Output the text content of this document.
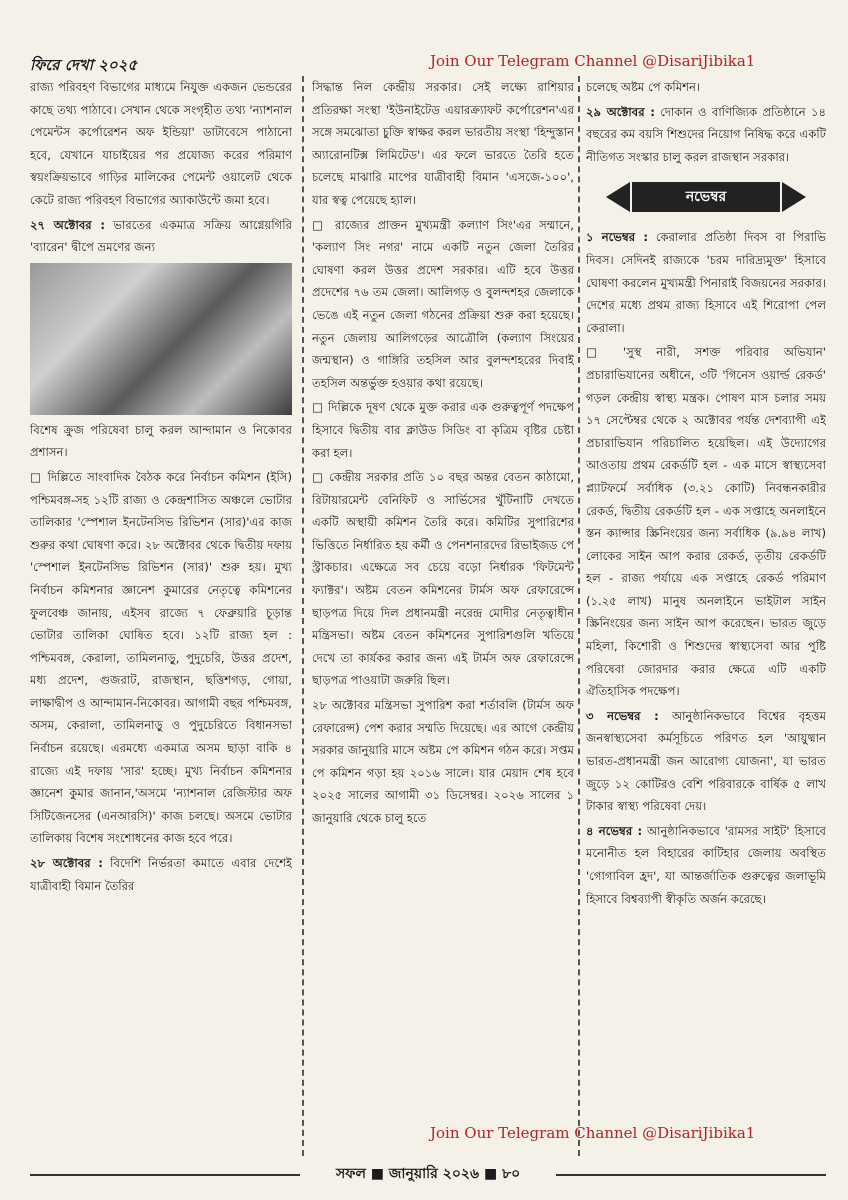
ফিরে দেখা ২০২৫	Join Our Telegram Channel @DisariJibika1

রাজ্য পরিবহণ বিভাগের মাধ্যমে নিযুক্ত একজন ভেন্ডরের কাছে তথ্য পাঠাবে। সেখান থেকে সংগৃহীত তথ্য 'ন্যাশনাল পেমেন্টস কর্পোরেশন অফ ইন্ডিয়া' ডাটাবেসে পাঠানো হবে, যেখানে যাচাইয়ের পর প্রযোজ্য করের পরিমাণ স্বয়ংক্রিয়ভাবে গাড়ির মালিকের পেমেন্ট ওয়ালেট থেকে কেটে রাজ্য পরিবহণ বিভাগের অ্যাকাউন্টে জমা হবে।

২৭ অক্টোবর : ভারতের একমাত্র সক্রিয় আগ্নেয়গিরি 'ব্যারেন' দ্বীপে ভ্রমণের জন্য

বিশেষ ক্রুজ পরিষেবা চালু করল আন্দামান ও নিকোবর প্রশাসন।

□ দিল্লিতে সাংবাদিক বৈঠক করে নির্বাচন কমিশন (ইসি) পশ্চিমবঙ্গ-সহ ১২টি রাজ্য ও কেন্দ্রশাসিত অঞ্চলে ভোটার তালিকার 'স্পেশাল ইনটেনসিভ রিভিশন (সার)'এর কাজ শুরুর কথা ঘোষণা করে। ২৮ অক্টোবর থেকে দ্বিতীয় দফায় 'স্পেশাল ইনটেনসিভ রিভিশন (সার)' শুরু হয়। মুখ্য নির্বাচন কমিশনার জ্ঞানেশ কুমারের নেতৃত্বে কমিশনের ফুলবেঞ্চ জানায়, এইসব রাজ্যে ৭ ফেব্রুয়ারি চূড়ান্ত ভোটার তালিকা ঘোষিত হবে। ১২টি রাজ্য হল : পশ্চিমবঙ্গ, কেরালা, তামিলনাড়ু, পুদুচেরি, উত্তর প্রদেশ, মধ্য প্রদেশ, গুজরাট, রাজস্থান, ছত্তিশগড়, গোয়া, লাক্ষাদ্বীপ ও আন্দামান-নিকোবর। আগামী বছর পশ্চিমবঙ্গ, অসম, কেরালা, তামিলনাড়ু ও পুদুচেরিতে বিধানসভা নির্বাচন রয়েছে। এরমধ্যে একমাত্র অসম ছাড়া বাকি ৪ রাজ্যে এই দফায় 'সার' হচ্ছে। মুখ্য নির্বাচন কমিশনার জ্ঞানেশ কুমার জানান,'অসমে 'ন্যাশনাল রেজিস্টার অফ সিটিজেনসের (এনআরসি)' কাজ চলছে। অসমে ভোটার তালিকায় বিশেষ সংশোধনের কাজ হবে পরে।

২৮ অক্টোবর : বিদেশি নির্ভরতা কমাতে এবার দেশেই যাত্রীবাহী বিমান তৈরির

সিদ্ধান্ত নিল কেন্দ্রীয় সরকার। সেই লক্ষ্যে রাশিয়ার প্রতিরক্ষা সংস্থা 'ইউনাইটেড এয়ারক্র্যাফট কর্পোরেশন'এর সঙ্গে সমঝোতা চুক্তি স্বাক্ষর করল ভারতীয় সংস্থা 'হিন্দুস্তান অ্যারোনটিক্স লিমিটেড'। এর ফলে ভারতে তৈরি হতে চলেছে মাঝারি মাপের যাত্রীবাহী বিমান 'এসজে-১০০', যার স্বত্ব পেয়েছে হ্যাল।

□ রাজ্যের প্রাক্তন মুখ্যমন্ত্রী কল্যাণ সিং'এর সম্মানে, 'কল্যাণ সিং নগর' নামে একটি নতুন জেলা তৈরির ঘোষণা করল উত্তর প্রদেশ সরকার। এটি হবে উত্তর প্রদেশের ৭৬ তম জেলা। আলিগড় ও বুলন্দশহর জেলাকে ভেঙে এই নতুন জেলা গঠনের প্রক্রিয়া শুরু করা হয়েছে। নতুন জেলায় আলিগড়ের আত্রৌলি (কল্যাণ সিংয়ের জন্মস্থান) ও গাঙ্গিরি তহসিল আর বুলন্দশহরের দিবাই তহসিল অন্তর্ভুক্ত হওয়ার কথা রয়েছে।

□ দিল্লিকে দূষণ থেকে মুক্ত করার এক গুরুত্বপূর্ণ পদক্ষেপ হিসাবে দ্বিতীয় বার ক্লাউড সিডিং বা কৃত্রিম বৃষ্টির চেষ্টা করা হল।

□ কেন্দ্রীয় সরকার প্রতি ১০ বছর অন্তর বেতন কাঠামো, রিটায়ারমেন্ট বেনিফিট ও সার্ভিসের খুঁটিনাটি দেখতে একটি অস্থায়ী কমিশন তৈরি করে। কমিটির সুপারিশের ভিত্তিতে নির্ধারিত হয় কর্মী ও পেনশনারদের রিভাইজড পে স্ট্রাকচার। এক্ষেত্রে সব চেয়ে বড়ো নির্ধারক 'ফিটমেন্ট ফ্যাক্টর'। অষ্টম বেতন কমিশনের টার্মস অফ রেফারেন্সে ছাড়পত্র দিয়ে দিল প্রধানমন্ত্রী নরেন্দ্র মোদীর নেতৃত্বাধীন মন্ত্রিসভা। অষ্টম বেতন কমিশনের সুপারিশগুলি খতিয়ে দেখে তা কার্যকর করার জন্য এই টার্মস অফ রেফারেন্সে ছাড়পত্র পাওয়াটা জরুরি ছিল।

২৮ অক্টোবর মন্ত্রিসভা সুপারিশ করা শর্তাবলি (টার্মস অফ রেফারেন্স) পেশ করার সম্মতি দিয়েছে। এর আগে কেন্দ্রীয় সরকার জানুয়ারি মাসে অষ্টম পে কমিশন গঠন করে। সপ্তম পে কমিশন গড়া হয় ২০১৬ সালে। যার মেয়াদ শেষ হবে ২০২৫ সালের আগামী ৩১ ডিসেম্বর। ২০২৬ সালের ১ জানুয়ারি থেকে চালু হতে

চলেছে অষ্টম পে কমিশন।

২৯ অক্টোবর : দোকান ও বাণিজ্যিক প্রতিষ্ঠানে ১৪ বছরের কম বয়সি শিশুদের নিয়োগ নিষিদ্ধ করে একটি নীতিগত সংস্কার চালু করল রাজস্থান সরকার।

নভেম্বর

১ নভেম্বর : কেরালার প্রতিষ্ঠা দিবস বা পিরাভি দিবস। সেদিনই রাজ্যকে 'চরম দারিদ্র্যমুক্ত' হিসাবে ঘোষণা করলেন মুখ্যমন্ত্রী পিনারাই বিজয়নের সরকার। দেশের মধ্যে প্রথম রাজ্য হিসাবে এই শিরোপা পেল কেরালা।

□ 'সুস্থ নারী, সশক্ত পরিবার অভিযান' প্রচারাভিযানের অধীনে, ৩টি 'গিনেস ওয়ার্ল্ড রেকর্ড' গড়ল কেন্দ্রীয় স্বাস্থ্য মন্ত্রক। পোষণ মাস চলার সময় ১৭ সেপ্টেম্বর থেকে ২ অক্টোবর পর্যন্ত দেশব্যাপী এই প্রচারাভিযান পরিচালিত হয়েছিল। এই উদ্যোগের আওতায় প্রথম রেকর্ডটি হল - এক মাসে স্বাস্থ্যসেবা প্ল্যাটফর্মে সর্বাধিক (৩.২১ কোটি) নিবন্ধনকারীর রেকর্ড, দ্বিতীয় রেকর্ডটি হল - এক সপ্তাহে অনলাইনে স্তন ক্যান্সার স্ক্রিনিংয়ের জন্য সর্বাধিক (৯.৯৪ লাখ) লোকের সাইন আপ করার রেকর্ড, তৃতীয় রেকর্ডটি হল - রাজ্য পর্যায়ে এক সপ্তাহে রেকর্ড পরিমাণ (১.২৫ লাখ) মানুষ অনলাইনে ভাইটাল সাইন স্ক্রিনিংয়ের জন্য সাইন আপ করেছেন। ভারত জুড়ে মহিলা, কিশোরী ও শিশুদের স্বাস্থ্যসেবা আর পুষ্টি পরিষেবা জোরদার করার ক্ষেত্রে এটি একটি ঐতিহাসিক পদক্ষেপ।

৩ নভেম্বর : আনুষ্ঠানিকভাবে বিশ্বের বৃহত্তম জনস্বাস্থ্যসেবা কর্মসূচিতে পরিণত হল 'আয়ুষ্মান ভারত-প্রধানমন্ত্রী জন আরোগ্য যোজনা', যা ভারত জুড়ে ১২ কোটিরও বেশি পরিবারকে বার্ষিক ৫ লাখ টাকার স্বাস্থ্য পরিষেবা দেয়।

৪ নভেম্বর : আনুষ্ঠানিকভাবে 'রামসর সাইট' হিসাবে মনোনীত হল বিহারের কাটিহার জেলায় অবস্থিত 'গোগাবিল হ্রদ', যা আন্তর্জাতিক গুরুত্বের জলাভূমি হিসাবে বিশ্বব্যাপী স্বীকৃতি অর্জন করেছে।

Join Our Telegram Channel @DisariJibika1
সফল ■ জানুয়ারি ২০২৬ ■ ৮০
